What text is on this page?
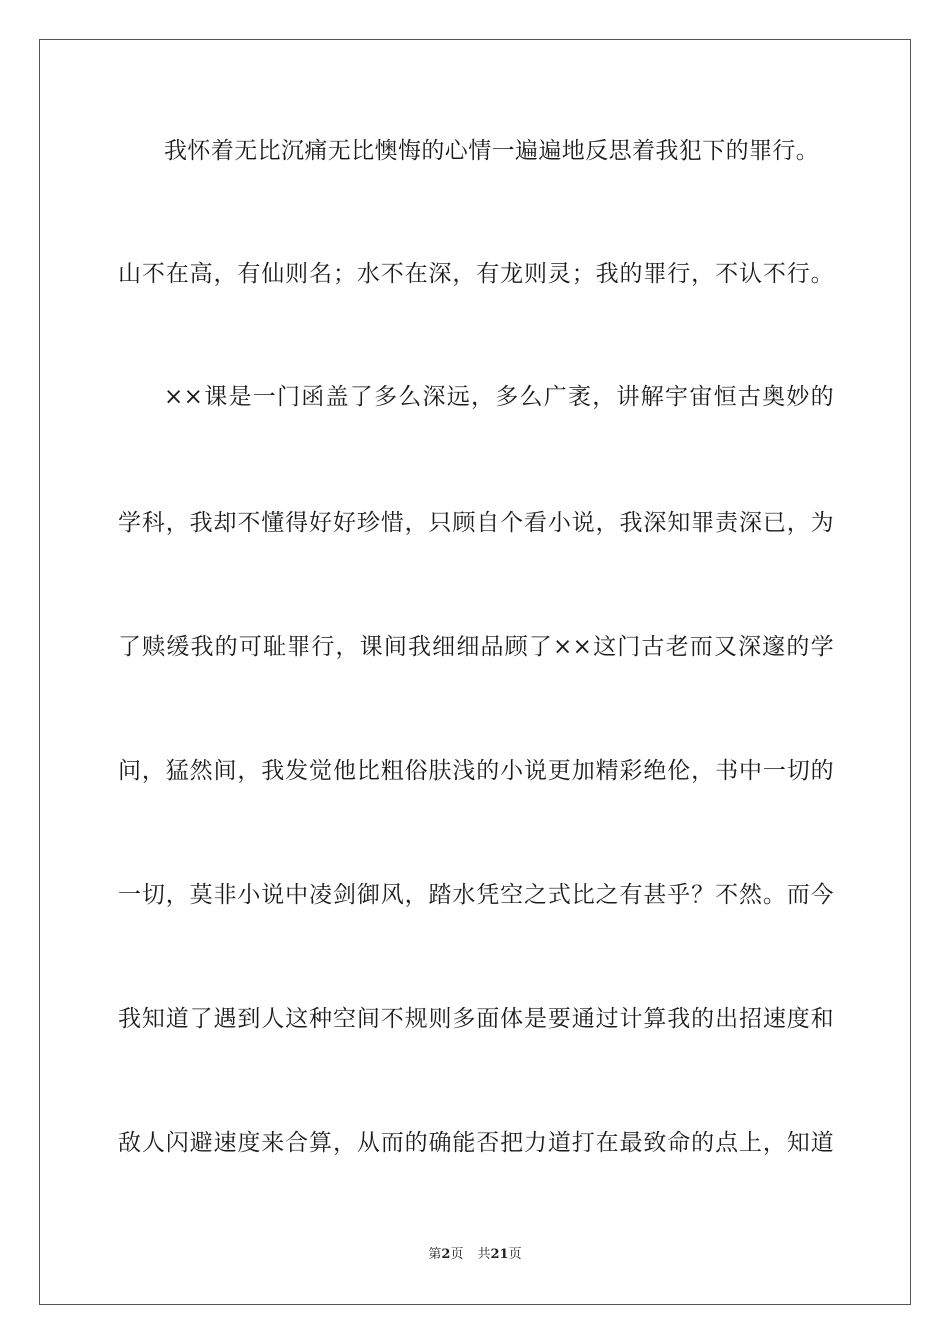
我怀着无比沉痛无比懊悔的心情一遍遍地反思着我犯下的罪行。
山不在高，有仙则名；水不在深，有龙则灵；我的罪行，不认不行。
××课是一门函盖了多么深远，多么广袤，讲解宇宙恒古奥妙的
学科，我却不懂得好好珍惜，只顾自个看小说，我深知罪责深已，为
了赎缓我的可耻罪行，课间我细细品顾了××这门古老而又深邃的学
问，猛然间，我发觉他比粗俗肤浅的小说更加精彩绝伦，书中一切的
一切，莫非小说中凌剑御风，踏水凭空之式比之有甚乎？不然。而今
我知道了遇到人这种空间不规则多面体是要通过计算我的出招速度和
敌人闪避速度来合算，从而的确能否把力道打在最致命的点上，知道
第2页 共21页
